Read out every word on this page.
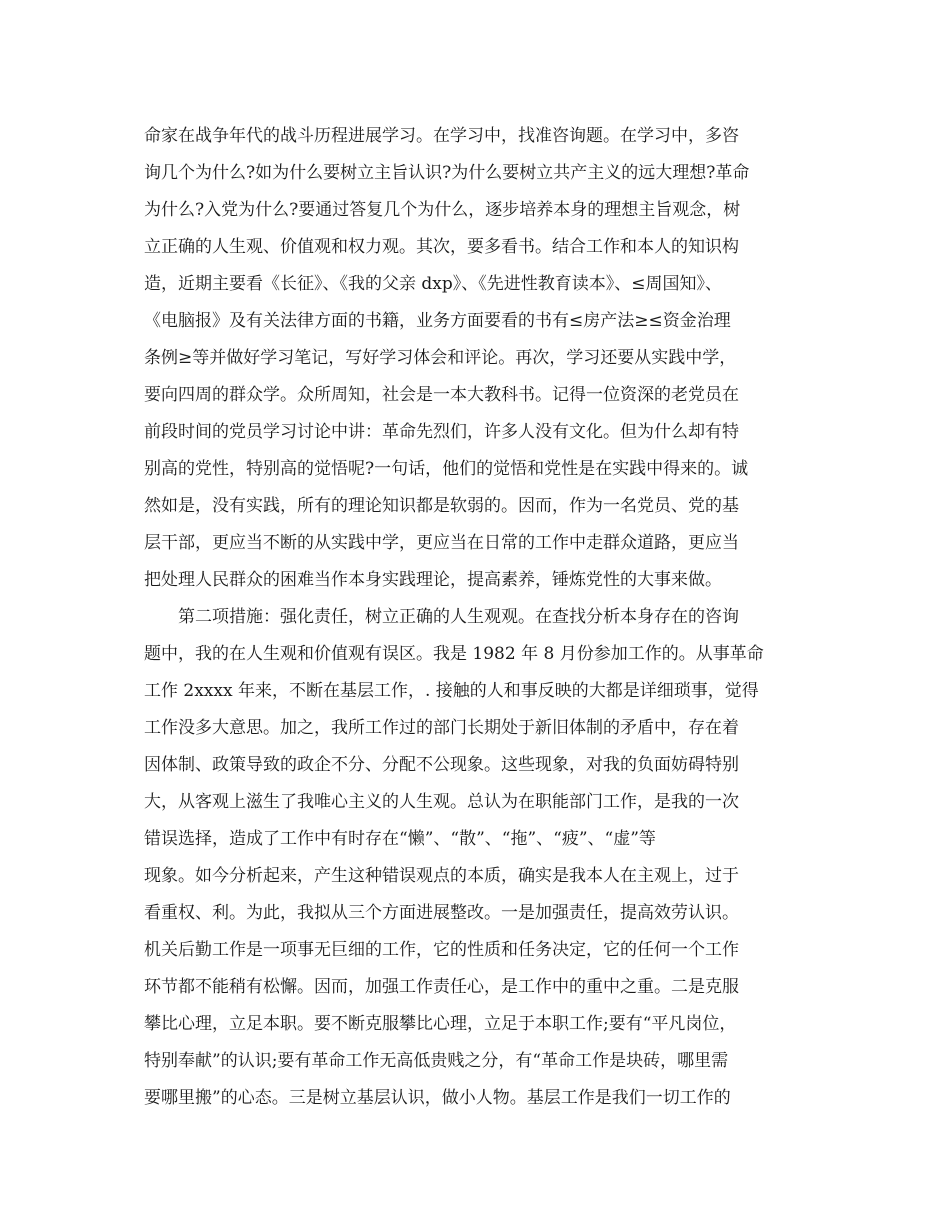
命家在战争年代的战斗历程进展学习。在学习中，找准咨询题。在学习中，多咨
询几个为什么?如为什么要树立主旨认识?为什么要树立共产主义的远大理想?革命
为什么?入党为什么?要通过答复几个为什么，逐步培养本身的理想主旨观念，树
立正确的人生观、价值观和权力观。其次，要多看书。结合工作和本人的知识构
造，近期主要看《长征》、《我的父亲 dxp》、《先进性教育读本》、≤周国知》、
《电脑报》及有关法律方面的书籍，业务方面要看的书有≤房产法≥≤资金治理
条例≥等并做好学习笔记，写好学习体会和评论。再次，学习还要从实践中学，
要向四周的群众学。众所周知，社会是一本大教科书。记得一位资深的老党员在
前段时间的党员学习讨论中讲：革命先烈们，许多人没有文化。但为什么却有特
别高的党性，特别高的觉悟呢?一句话，他们的觉悟和党性是在实践中得来的。诚
然如是，没有实践，所有的理论知识都是软弱的。因而，作为一名党员、党的基
层干部，更应当不断的从实践中学，更应当在日常的工作中走群众道路，更应当
把处理人民群众的困难当作本身实践理论，提高素养，锤炼党性的大事来做。
第二项措施：强化责任，树立正确的人生观观。在查找分析本身存在的咨询
题中，我的在人生观和价值观有误区。我是 1982 年 8 月份参加工作的。从事革命
工作 2xxxx 年来，不断在基层工作，. 接触的人和事反映的大都是详细琐事，觉得
工作没多大意思。加之，我所工作过的部门长期处于新旧体制的矛盾中，存在着
因体制、政策导致的政企不分、分配不公现象。这些现象，对我的负面妨碍特别
大，从客观上滋生了我唯心主义的人生观。总认为在职能部门工作，是我的一次
错误选择，造成了工作中有时存在“懒”、“散”、“拖”、“疲”、“虚”等
现象。如今分析起来，产生这种错误观点的本质，确实是我本人在主观上，过于
看重权、利。为此，我拟从三个方面进展整改。一是加强责任，提高效劳认识。
机关后勤工作是一项事无巨细的工作，它的性质和任务决定，它的任何一个工作
环节都不能稍有松懈。因而，加强工作责任心，是工作中的重中之重。二是克服
攀比心理，立足本职。要不断克服攀比心理，立足于本职工作;要有“平凡岗位，
特别奉献”的认识;要有革命工作无高低贵贱之分，有“革命工作是块砖，哪里需
要哪里搬”的心态。三是树立基层认识，做小人物。基层工作是我们一切工作的
